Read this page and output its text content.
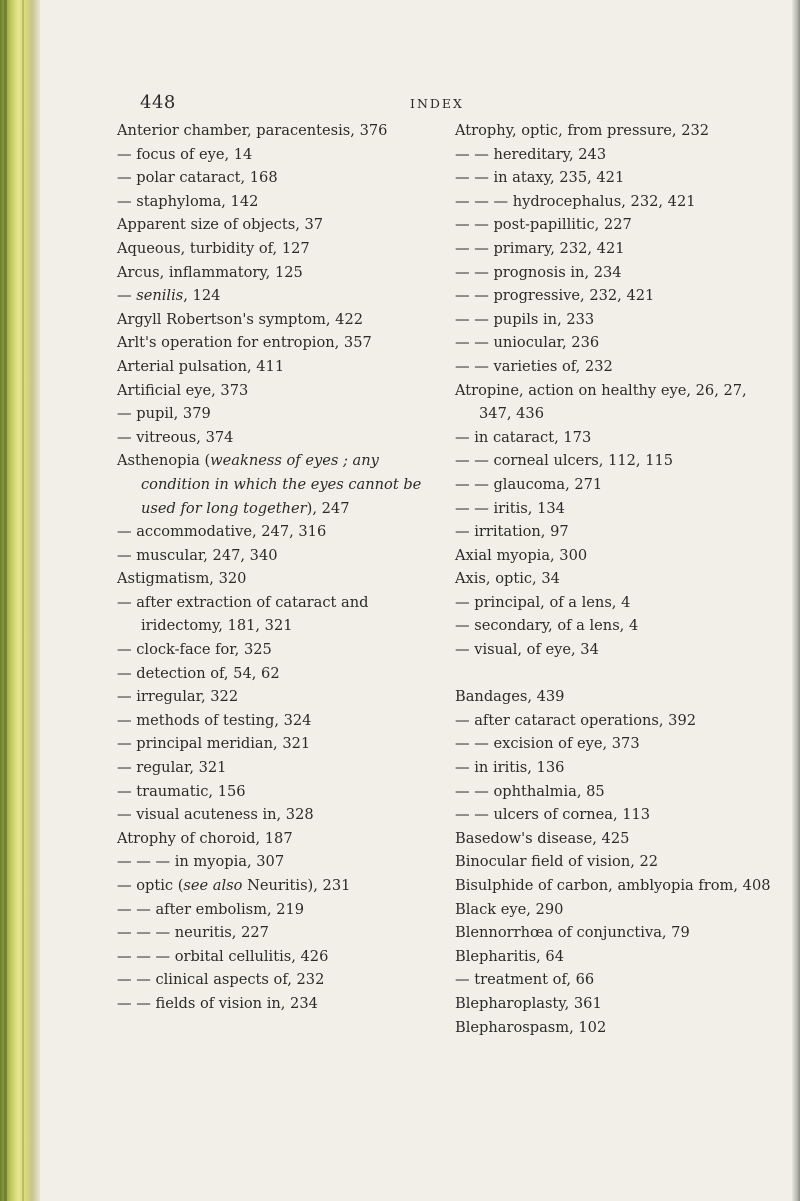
448	INDEX
Anterior chamber, paracentesis, 376
— focus of eye, 14
— polar cataract, 168
— staphyloma, 142
Apparent size of objects, 37
Aqueous, turbidity of, 127
Arcus, inflammatory, 125
— senilis, 124
Argyll Robertson's symptom, 422
Arlt's operation for entropion, 357
Arterial pulsation, 411
Artificial eye, 373
— pupil, 379
— vitreous, 374
Asthenopia (weakness of eyes ; any condition in which the eyes cannot be used for long together), 247
— accommodative, 247, 316
— muscular, 247, 340
Astigmatism, 320
— after extraction of cataract and iridectomy, 181, 321
— clock-face for, 325
— detection of, 54, 62
— irregular, 322
— methods of testing, 324
— principal meridian, 321
— regular, 321
— traumatic, 156
— visual acuteness in, 328
Atrophy of choroid, 187
— — — in myopia, 307
— optic (see also Neuritis), 231
— — after embolism, 219
— — — neuritis, 227
— — — orbital cellulitis, 426
— — clinical aspects of, 232
— — fields of vision in, 234
Atrophy, optic, from pressure, 232
— — hereditary, 243
— — in ataxy, 235, 421
— — — hydrocephalus, 232, 421
— — post-papillitic, 227
— — primary, 232, 421
— — prognosis in, 234
— — progressive, 232, 421
— — pupils in, 233
— — uniocular, 236
— — varieties of, 232
Atropine, action on healthy eye, 26, 27, 347, 436
— in cataract, 173
— — corneal ulcers, 112, 115
— — glaucoma, 271
— — iritis, 134
— irritation, 97
Axial myopia, 300
Axis, optic, 34
— principal, of a lens, 4
— secondary, of a lens, 4
— visual, of eye, 34
Bandages, 439
— after cataract operations, 392
— — excision of eye, 373
— in iritis, 136
— — ophthalmia, 85
— — ulcers of cornea, 113
Basedow's disease, 425
Binocular field of vision, 22
Bisulphide of carbon, amblyopia from, 408
Black eye, 290
Blennorrhœa of conjunctiva, 79
Blepharitis, 64
— treatment of, 66
Blepharoplasty, 361
Blepharospasm, 102
